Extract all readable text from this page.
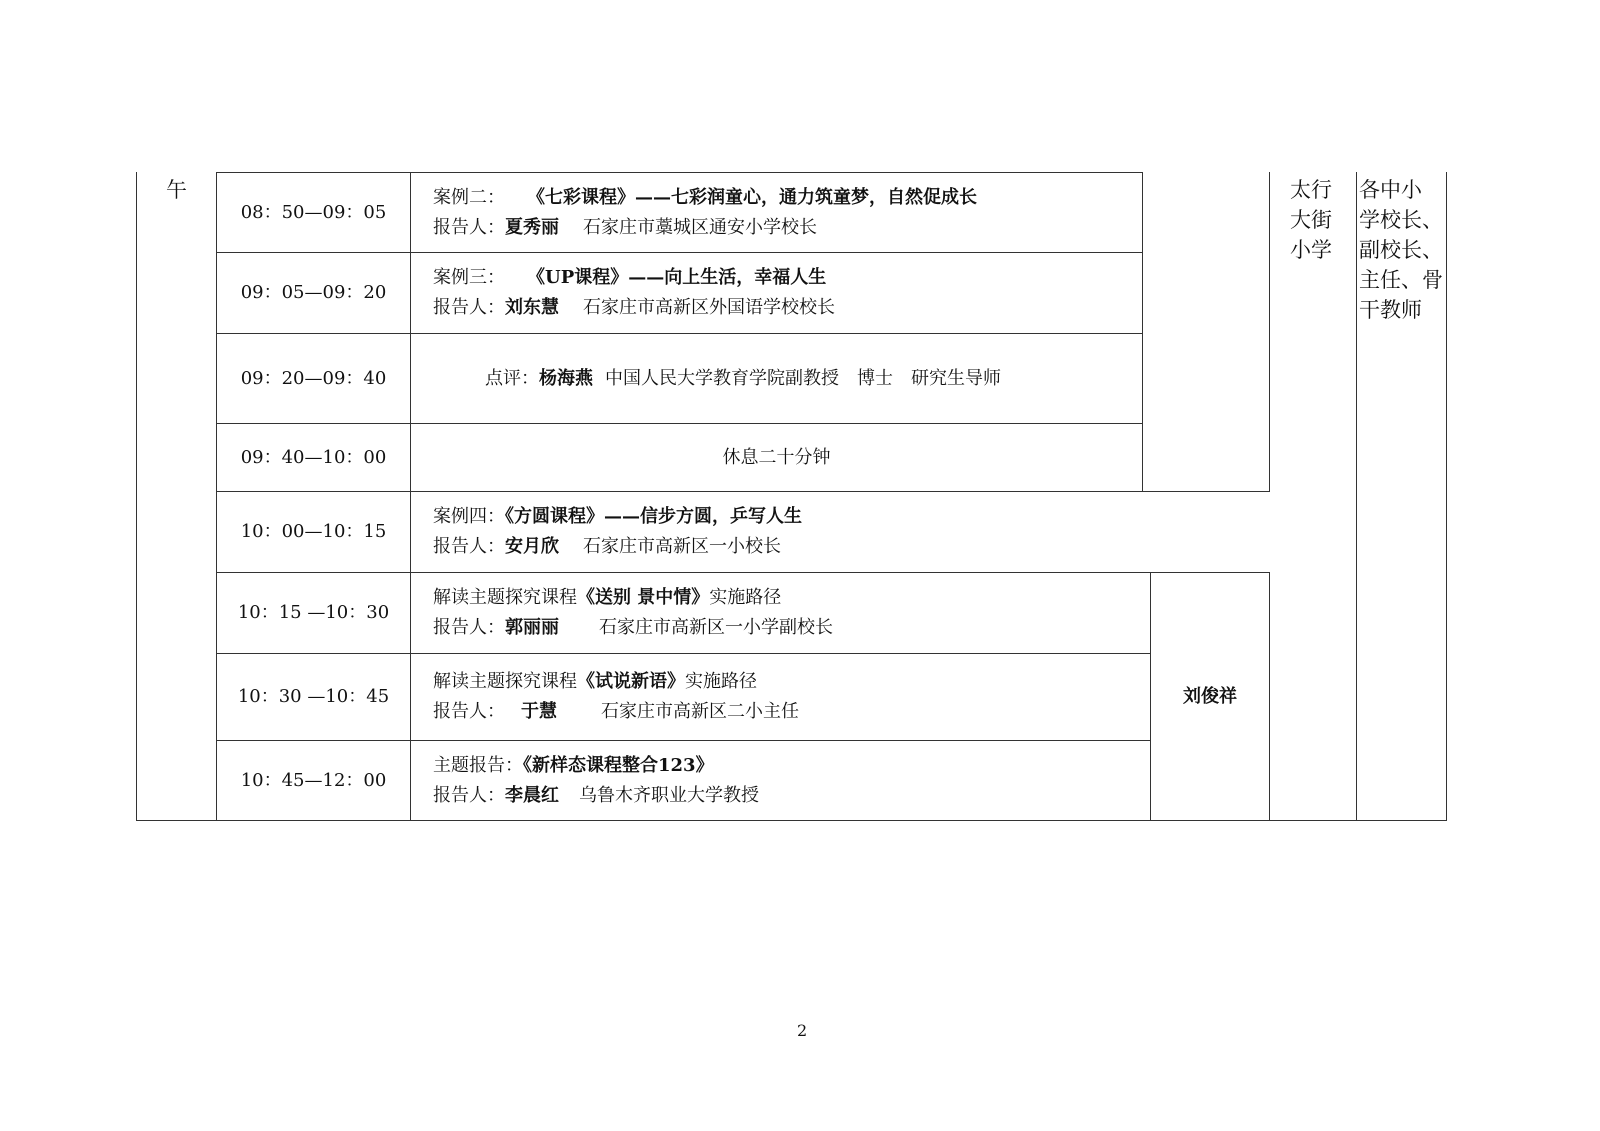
午
08：50—09：05
案例二： 《七彩课程》——七彩润童心，通力筑童梦，自然促成长
报告人：夏秀丽 石家庄市藁城区通安小学校长
09：05—09：20
案例三： 《UP课程》——向上生活，幸福人生
报告人：刘东慧 石家庄市高新区外国语学校校长
09：20—09：40	点评：杨海燕 中国人民大学教育学院副教授　博士　研究生导师
09：40—10：00	休息二十分钟
10：00—10：15
案例四：《方圆课程》——信步方圆，乒写人生
报告人：安月欣 石家庄市高新区一小校长
10：15 —10：30
解读主题探究课程《送别 景中情》实施路径
报告人：郭丽丽 石家庄市高新区一小学副校长
10：30 —10：45
解读主题探究课程《试说新语》实施路径
报告人： 于慧 石家庄市高新区二小主任
10：45—12：00
主题报告：《新样态课程整合123》
报告人：李晨红 乌鲁木齐职业大学教授
刘俊祥
太行
大街
小学
各中小
学校长、
副校长、
主任、骨
干教师
2
